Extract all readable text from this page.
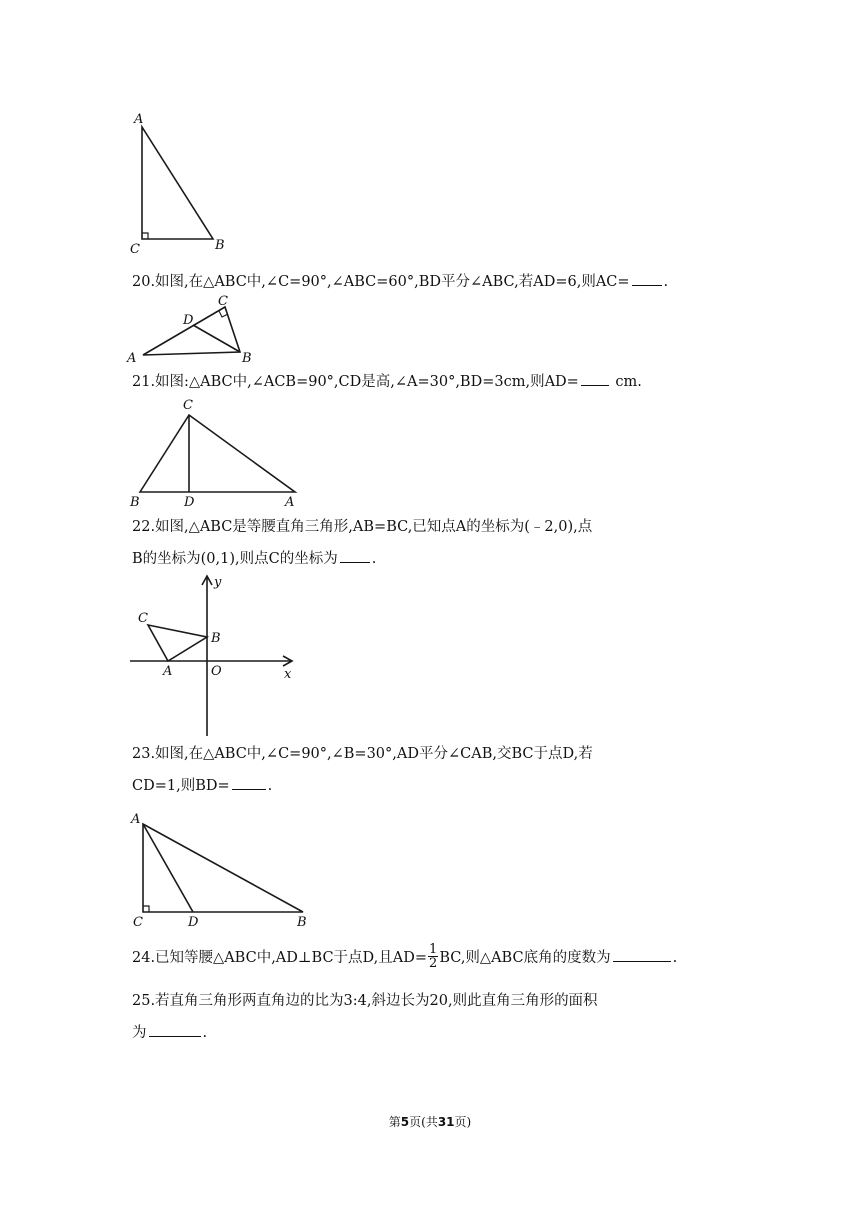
A
C	B
20.如图,在△ABC中,∠C=90°,∠ABC=60°,BD平分∠ABC,若AD=6,则AC= .
A
C
D
B
21.如图:△ABC中,∠ACB=90°,CD是高,∠A=30°,BD=3cm,则AD= cm.
C
B	D	A
22.如图,△ABC是等腰直角三角形,AB=BC,已知点A的坐标为(﹣2,0),点
B的坐标为(0,1),则点C的坐标为 .
C
B
A	O	x
y
23.如图,在△ABC中,∠C=90°,∠B=30°,AD平分∠CAB,交BC于点D,若
CD=1,则BD=	.
A
C	D	B
24.已知等腰△ABC中,AD⊥BC于点D,且$AD= \frac{1}{2}$ BC,则△ABC底角的度数为	.
25.若直角三角形两直角边的比为3:4,斜边长为20,则此直角三角形的面积
为	.
第5页(共31页)
